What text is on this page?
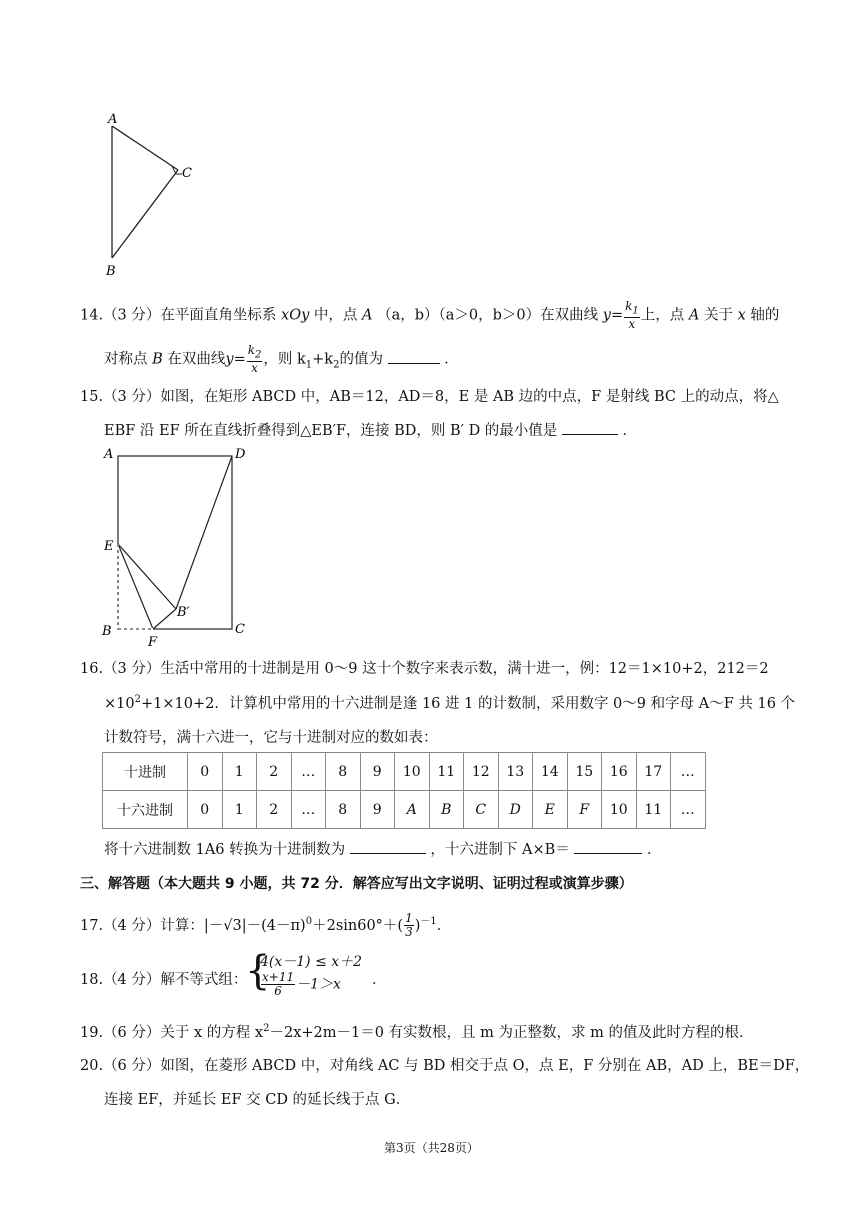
A
C
B
14.（3 分）在平面直角坐标系 xOy 中，点 A （a，b）（a＞0，b＞0）在双曲线 $y= \frac{k_1}{x}$ 上，点 A 关于 x 轴的
对称点 B 在双曲线$y= \frac{k_2}{x}$ ，则 $k_1+k_2$的值为	．
15.（3 分）如图，在矩形 ABCD 中，AB＝12，AD＝8，E 是 AB 边的中点，F 是射线 BC 上的动点，将△
EBF 沿 EF 所在直线折叠得到△EB′F，连接 BD，则 B′ D 的最小值是	．
A	D
E
B′
B
F
C
16.（3 分）生活中常用的十进制是用 0～9 这十个数字来表示数，满十进一，例：12＝1×10+2，212＝2
$\times 10^2+1\times 10+2$．计算机中常用的十六进制是逢 16 进 1 的计数制，采用数字 0～9 和字母 A～F 共 16 个
计数符号，满十六进一，它与十进制对应的数如表：
十进制	0	1	2	…	8	9	10	11	12	13	14	15	16	17	…
十六进制	0	1	2	…	8	9	A	B	C	D	E	F	10	11	…
将十六进制数 1A6 转换为十进制数为	，十六进制下 A×B＝	．
三、解答题（本大题共 9 小题，共 72 分．解答应写出文字说明、证明过程或演算步骤）
17.（4 分）计算：$|-√3|-(4-\pi)^0+2\sin 60^\circ+( \frac{1}{3} )^{-1}$．
18.（4 分）解不等式组：
{
4(x－1) ≤ x＋2
$\frac{x+11}{6} -1>x$ ．
19.（6 分）关于 x 的方程 $x^2-2x+2m-1=0$ 有实数根，且 m 为正整数，求 m 的值及此时方程的根．
20.（6 分）如图，在菱形 ABCD 中，对角线 AC 与 BD 相交于点 O，点 E，F 分别在 AB，AD 上，BE＝DF，
连接 EF，并延长 EF 交 CD 的延长线于点 G．
第3页（共28页）
